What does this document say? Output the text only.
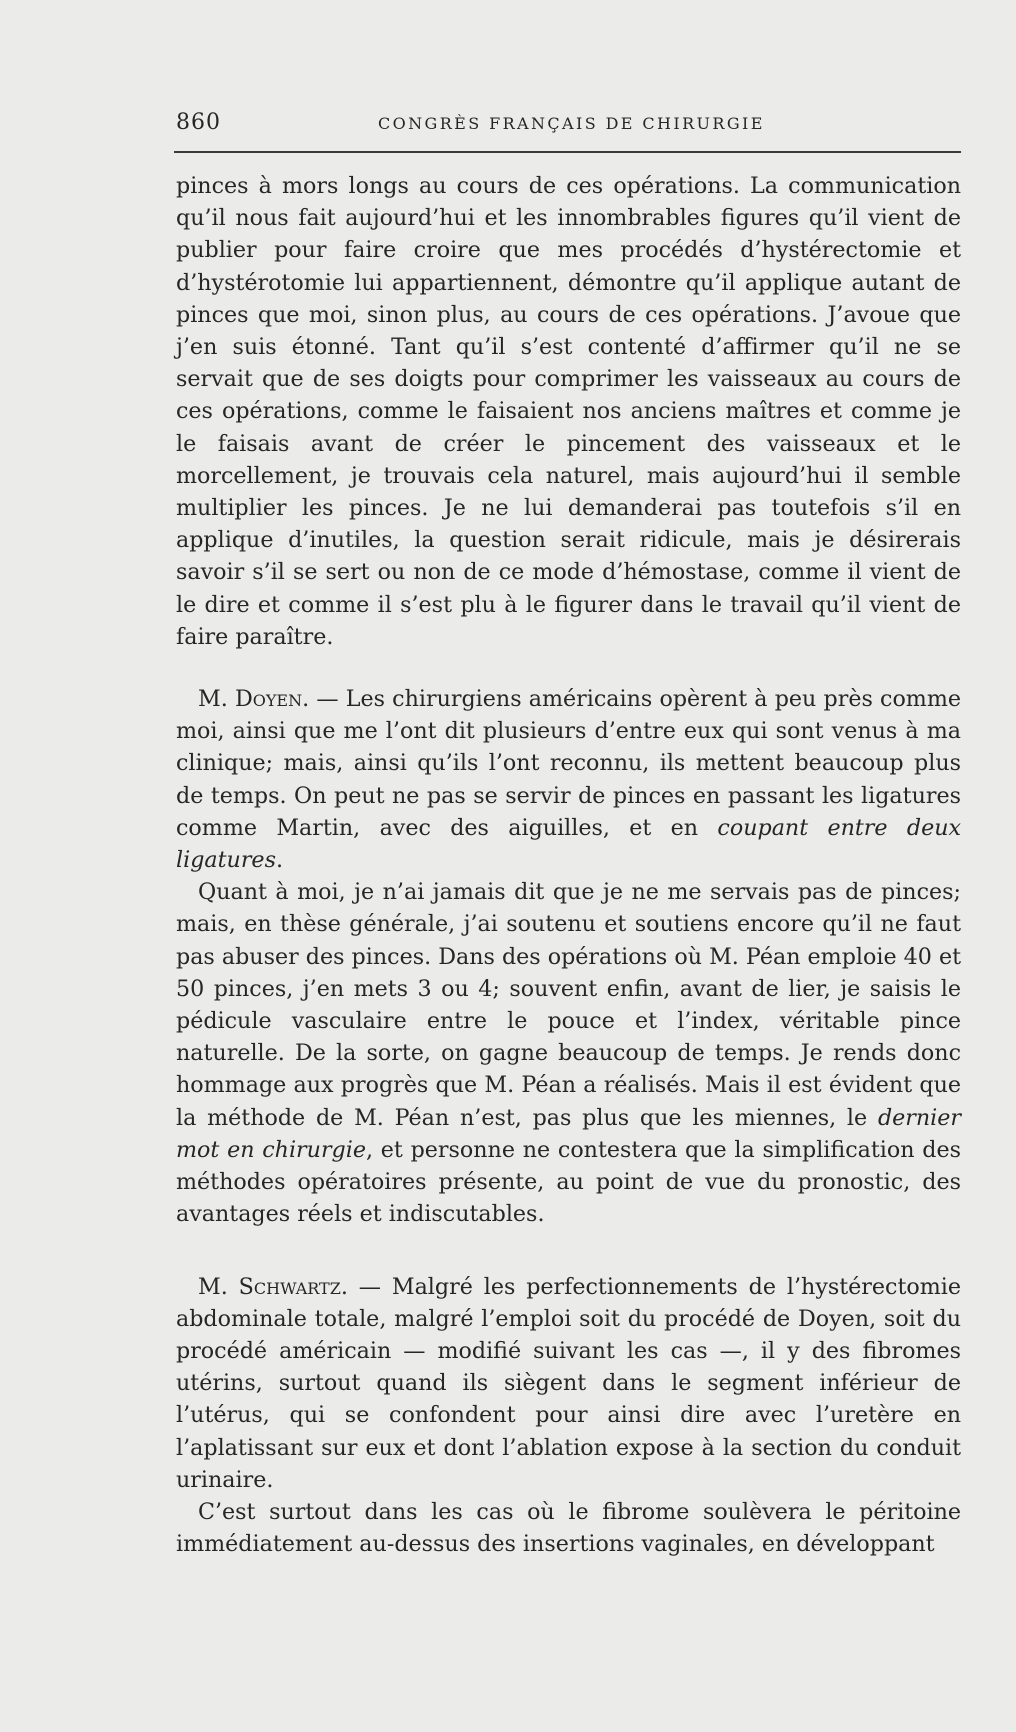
860	CONGRÈS FRANÇAIS DE CHIRURGIE

pinces à mors longs au cours de ces opérations. La communication qu’il nous fait aujourd’hui et les innombrables figures qu’il vient de publier pour faire croire que mes procédés d’hystérectomie et d’hystérotomie lui appartiennent, démontre qu’il applique autant de pinces que moi, sinon plus, au cours de ces opérations. J’avoue que j’en suis étonné. Tant qu’il s’est contenté d’affirmer qu’il ne se servait que de ses doigts pour comprimer les vaisseaux au cours de ces opérations, comme le faisaient nos anciens maîtres et comme je le faisais avant de créer le pincement des vaisseaux et le morcellement, je trouvais cela naturel, mais aujourd’hui il semble multiplier les pinces. Je ne lui demanderai pas toutefois s’il en applique d’inutiles, la question serait ridicule, mais je désirerais savoir s’il se sert ou non de ce mode d’hémostase, comme il vient de le dire et comme il s’est plu à le figurer dans le travail qu’il vient de faire paraître.

M. Doyen. — Les chirurgiens américains opèrent à peu près comme moi, ainsi que me l’ont dit plusieurs d’entre eux qui sont venus à ma clinique; mais, ainsi qu’ils l’ont reconnu, ils mettent beaucoup plus de temps. On peut ne pas se servir de pinces en passant les ligatures comme Martin, avec des aiguilles, et en coupant entre deux ligatures.

Quant à moi, je n’ai jamais dit que je ne me servais pas de pinces; mais, en thèse générale, j’ai soutenu et soutiens encore qu’il ne faut pas abuser des pinces. Dans des opérations où M. Péan emploie 40 et 50 pinces, j’en mets 3 ou 4; souvent enfin, avant de lier, je saisis le pédicule vasculaire entre le pouce et l’index, véritable pince naturelle. De la sorte, on gagne beaucoup de temps. Je rends donc hommage aux progrès que M. Péan a réalisés. Mais il est évident que la méthode de M. Péan n’est, pas plus que les miennes, le dernier mot en chirurgie, et personne ne contestera que la simplification des méthodes opératoires présente, au point de vue du pronostic, des avantages réels et indiscutables.

M. Schwartz. — Malgré les perfectionnements de l’hystérectomie abdominale totale, malgré l’emploi soit du procédé de Doyen, soit du procédé américain — modifié suivant les cas —, il y des fibromes utérins, surtout quand ils siègent dans le segment inférieur de l’utérus, qui se confondent pour ainsi dire avec l’uretère en l’aplatissant sur eux et dont l’ablation expose à la section du conduit urinaire.

C’est surtout dans les cas où le fibrome soulèvera le péritoine immédiatement au-dessus des insertions vaginales, en développant
